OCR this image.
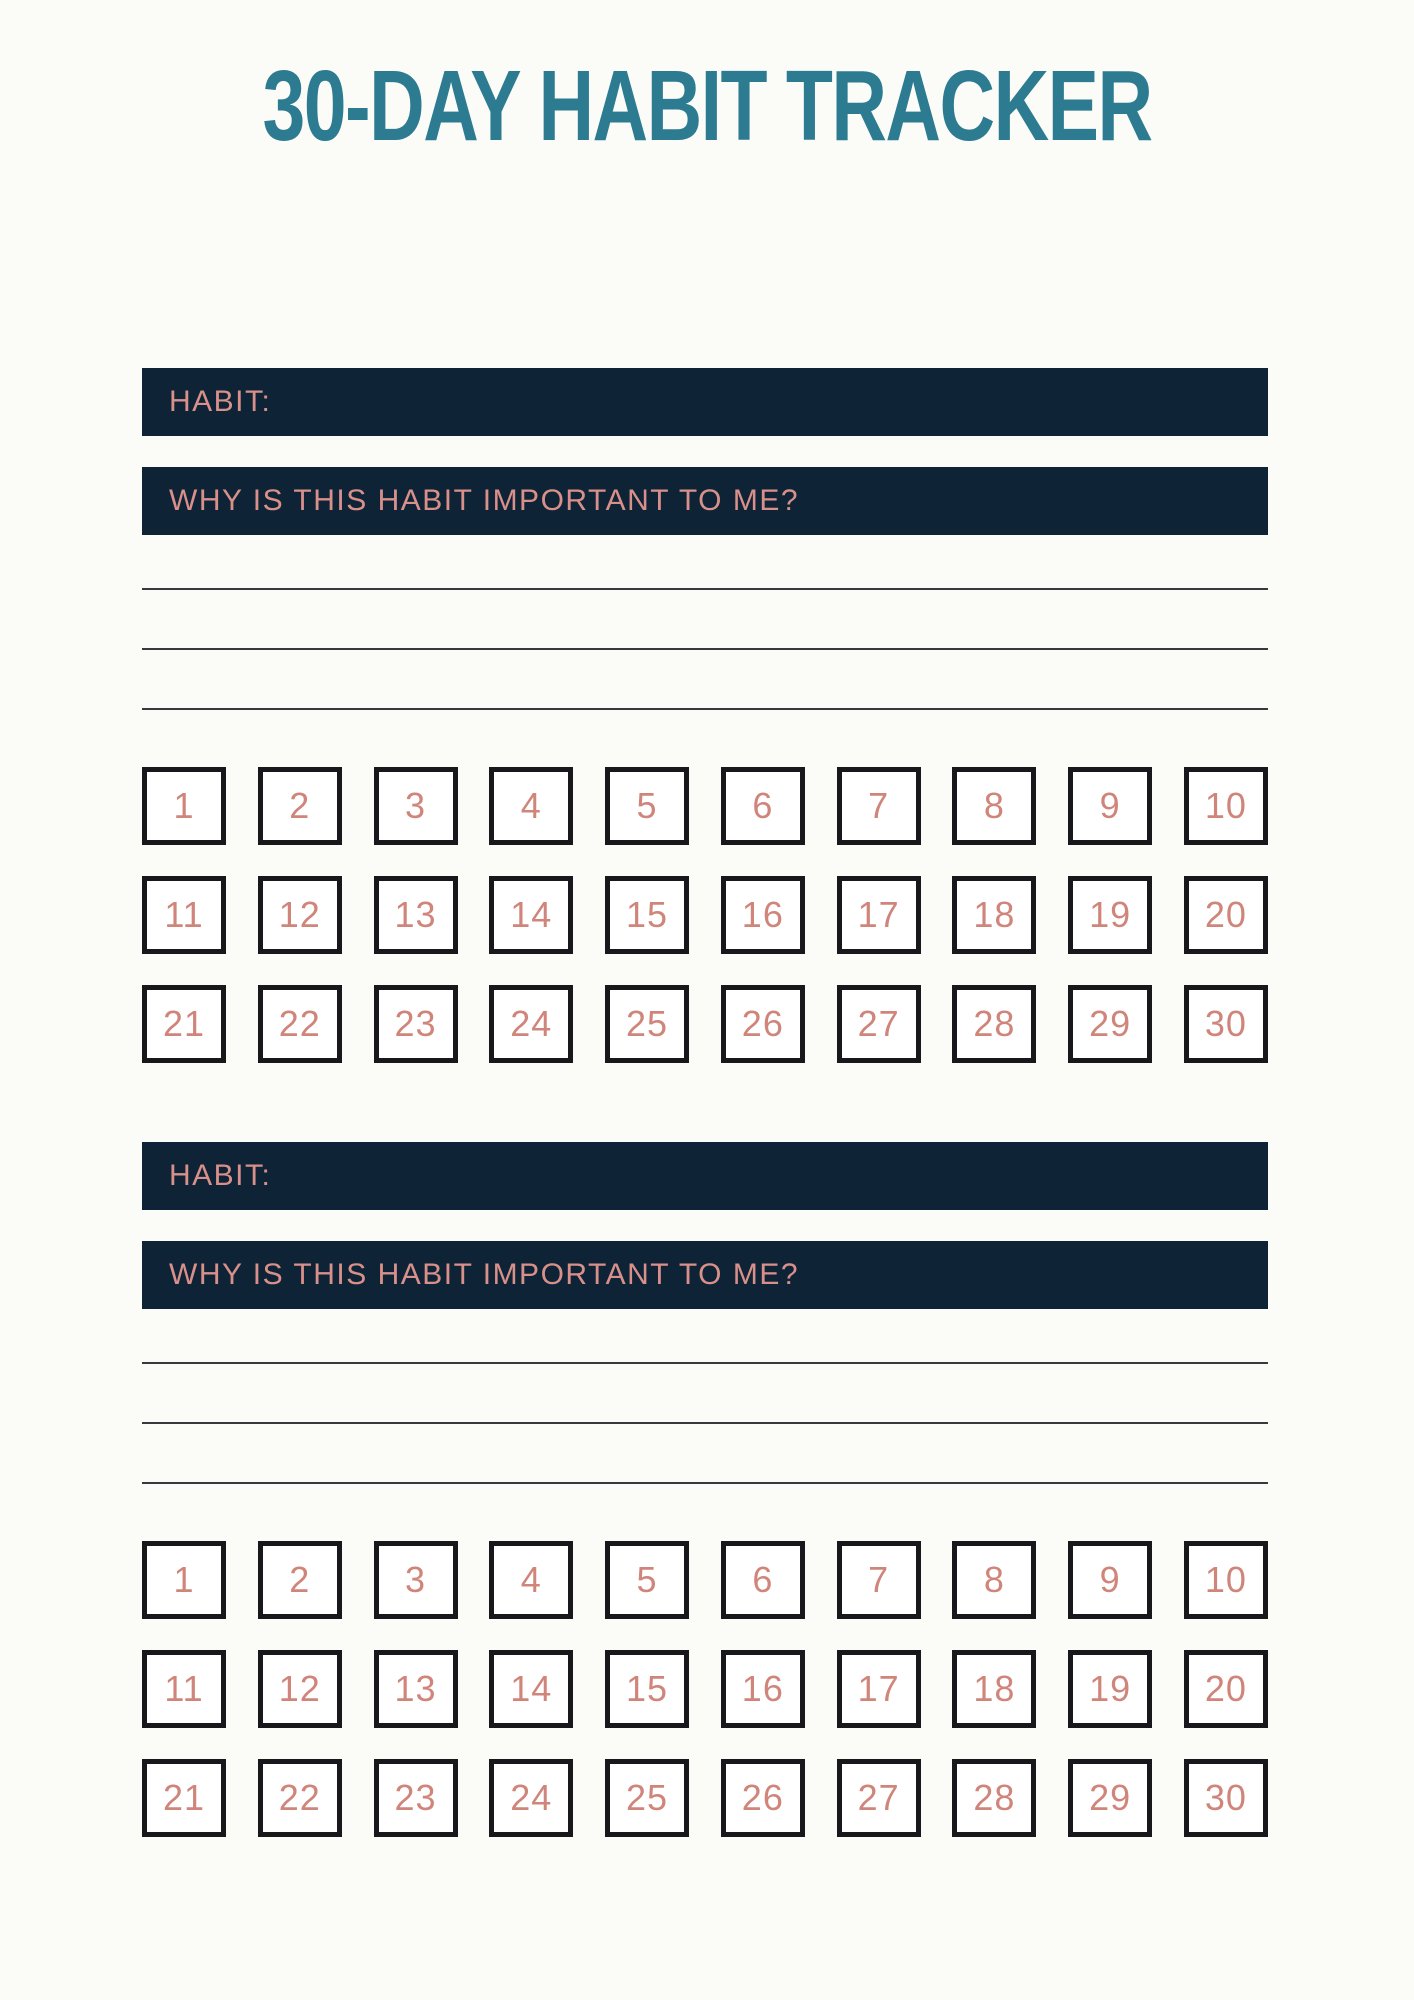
30-DAY HABIT TRACKER
HABIT:
WHY IS THIS HABIT IMPORTANT TO ME?
1	2	3	4	5	6	7	8	9 10
11 12 13 14 15 16 17 18 19 20
21 22 23 24 25 26 27 28 29 30
HABIT:
WHY IS THIS HABIT IMPORTANT TO ME?
1	2	3	4	5	6	7	8	9 10
11 12 13 14 15 16 17 18 19 20
21 22 23 24 25 26 27 28 29 30
